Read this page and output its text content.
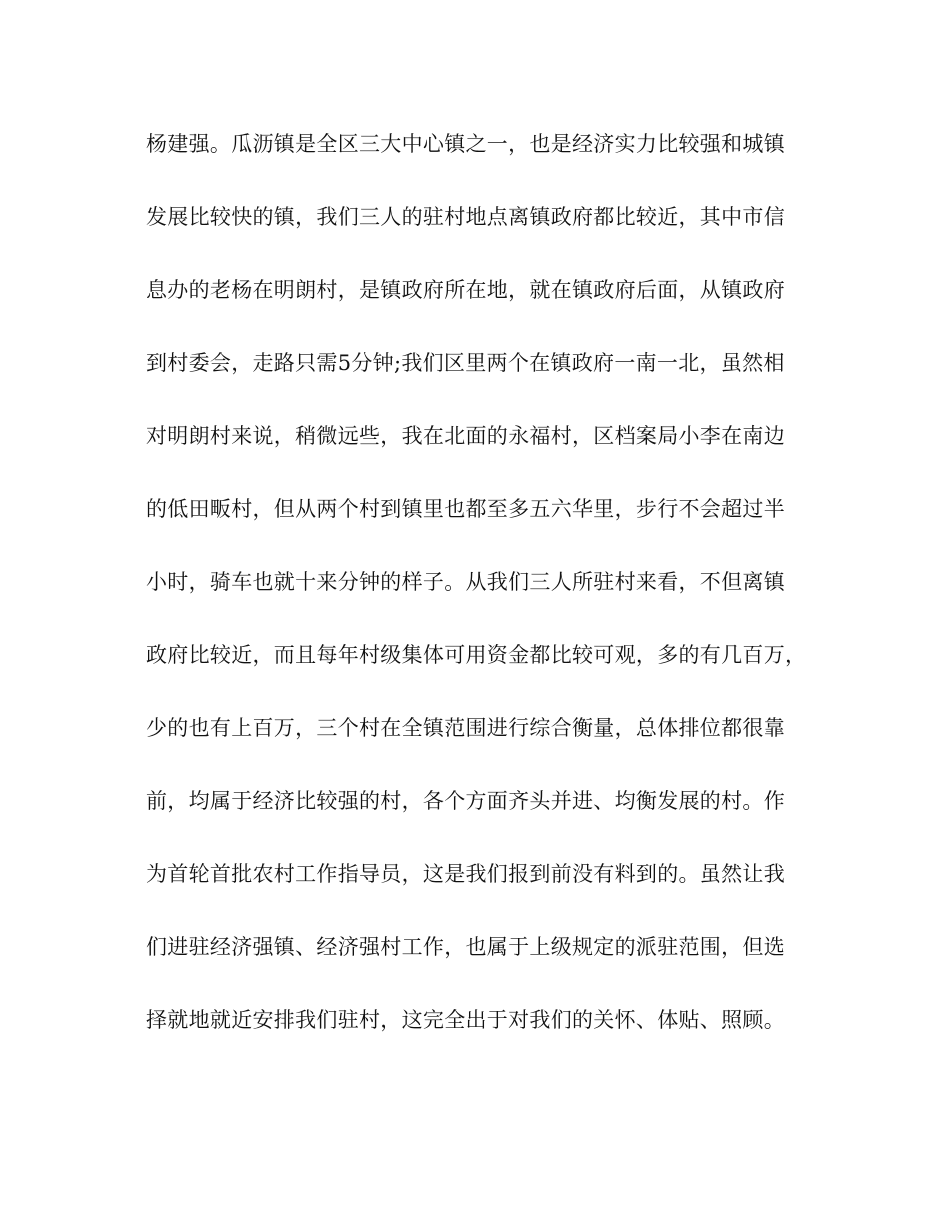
杨建强。瓜沥镇是全区三大中心镇之一，也是经济实力比较强和城镇
发展比较快的镇，我们三人的驻村地点离镇政府都比较近，其中市信
息办的老杨在明朗村，是镇政府所在地，就在镇政府后面，从镇政府
到村委会，走路只需5分钟;我们区里两个在镇政府一南一北，虽然相
对明朗村来说，稍微远些，我在北面的永福村，区档案局小李在南边
的低田畈村，但从两个村到镇里也都至多五六华里，步行不会超过半
小时，骑车也就十来分钟的样子。从我们三人所驻村来看，不但离镇
政府比较近，而且每年村级集体可用资金都比较可观，多的有几百万，
少的也有上百万，三个村在全镇范围进行综合衡量，总体排位都很靠
前，均属于经济比较强的村，各个方面齐头并进、均衡发展的村。作
为首轮首批农村工作指导员，这是我们报到前没有料到的。虽然让我
们进驻经济强镇、经济强村工作，也属于上级规定的派驻范围，但选
择就地就近安排我们驻村，这完全出于对我们的关怀、体贴、照顾。
